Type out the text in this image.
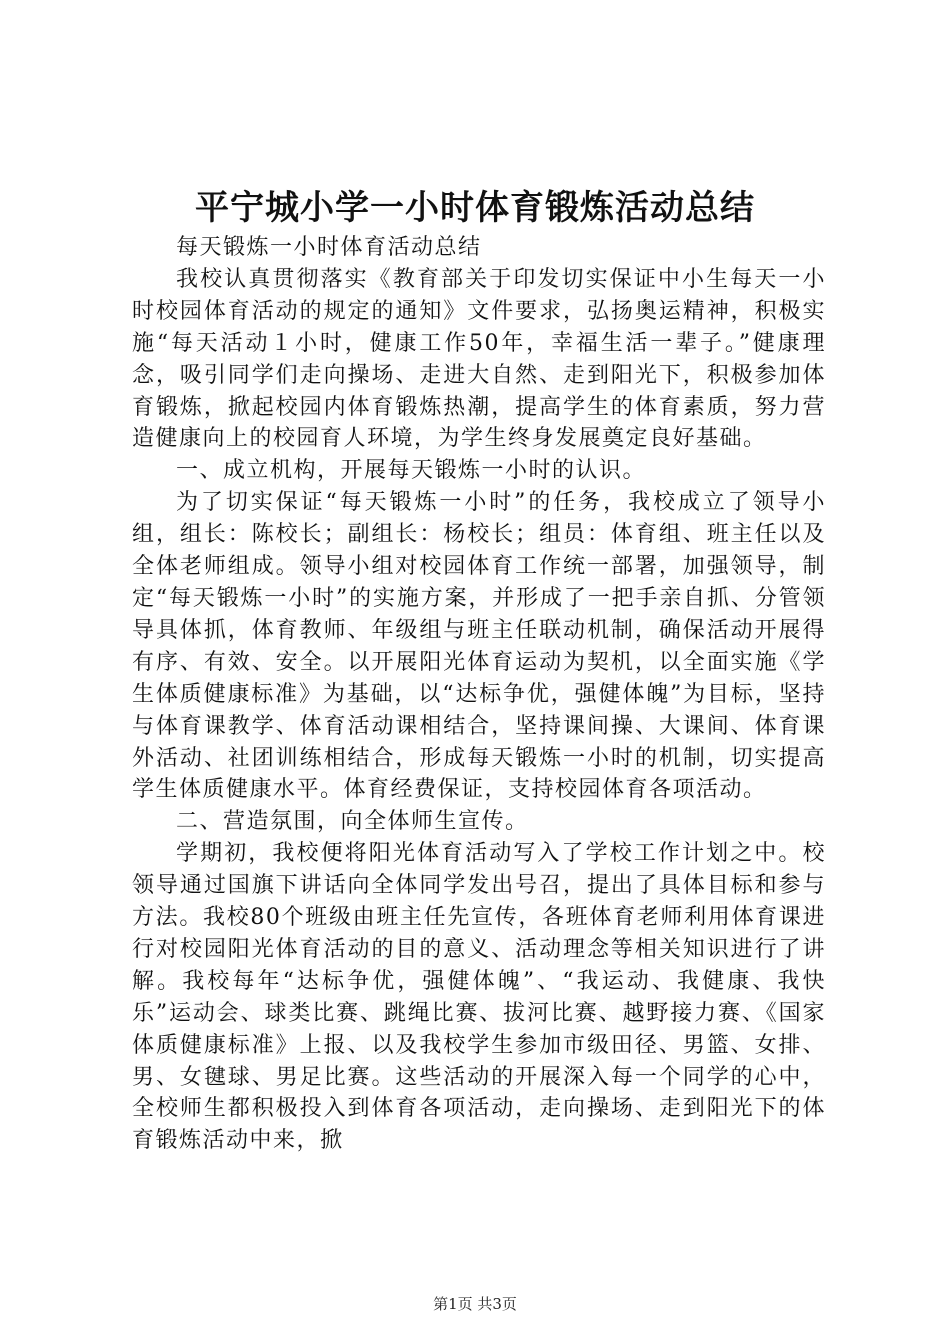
平宁城小学一小时体育锻炼活动总结

每天锻炼一小时体育活动总结

我校认真贯彻落实《教育部关于印发切实保证中小生每天一小时校园体育活动的规定的通知》文件要求，弘扬奥运精神，积极实施“每天活动１小时，健康工作50年，幸福生活一辈子。”健康理念，吸引同学们走向操场、走进大自然、走到阳光下，积极参加体育锻炼，掀起校园内体育锻炼热潮，提高学生的体育素质，努力营造健康向上的校园育人环境，为学生终身发展奠定良好基础。

一、成立机构，开展每天锻炼一小时的认识。

为了切实保证“每天锻炼一小时”的任务，我校成立了领导小组，组长：陈校长；副组长：杨校长；组员：体育组、班主任以及全体老师组成。领导小组对校园体育工作统一部署，加强领导，制定“每天锻炼一小时”的实施方案，并形成了一把手亲自抓、分管领导具体抓，体育教师、年级组与班主任联动机制，确保活动开展得有序、有效、安全。以开展阳光体育运动为契机，以全面实施《学生体质健康标准》为基础，以“达标争优，强健体魄”为目标，坚持与体育课教学、体育活动课相结合，坚持课间操、大课间、体育课外活动、社团训练相结合，形成每天锻炼一小时的机制，切实提高学生体质健康水平。体育经费保证，支持校园体育各项活动。

二、营造氛围，向全体师生宣传。

学期初，我校便将阳光体育活动写入了学校工作计划之中。校领导通过国旗下讲话向全体同学发出号召，提出了具体目标和参与方法。我校80个班级由班主任先宣传，各班体育老师利用体育课进行对校园阳光体育活动的目的意义、活动理念等相关知识进行了讲解。我校每年“达标争优，强健体魄”、“我运动、我健康、我快乐”运动会、球类比赛、跳绳比赛、拔河比赛、越野接力赛、《国家体质健康标准》上报、以及我校学生参加市级田径、男篮、女排、男、女毽球、男足比赛。这些活动的开展深入每一个同学的心中，全校师生都积极投入到体育各项活动，走向操场、走到阳光下的体育锻炼活动中来，掀

第1页 共3页
